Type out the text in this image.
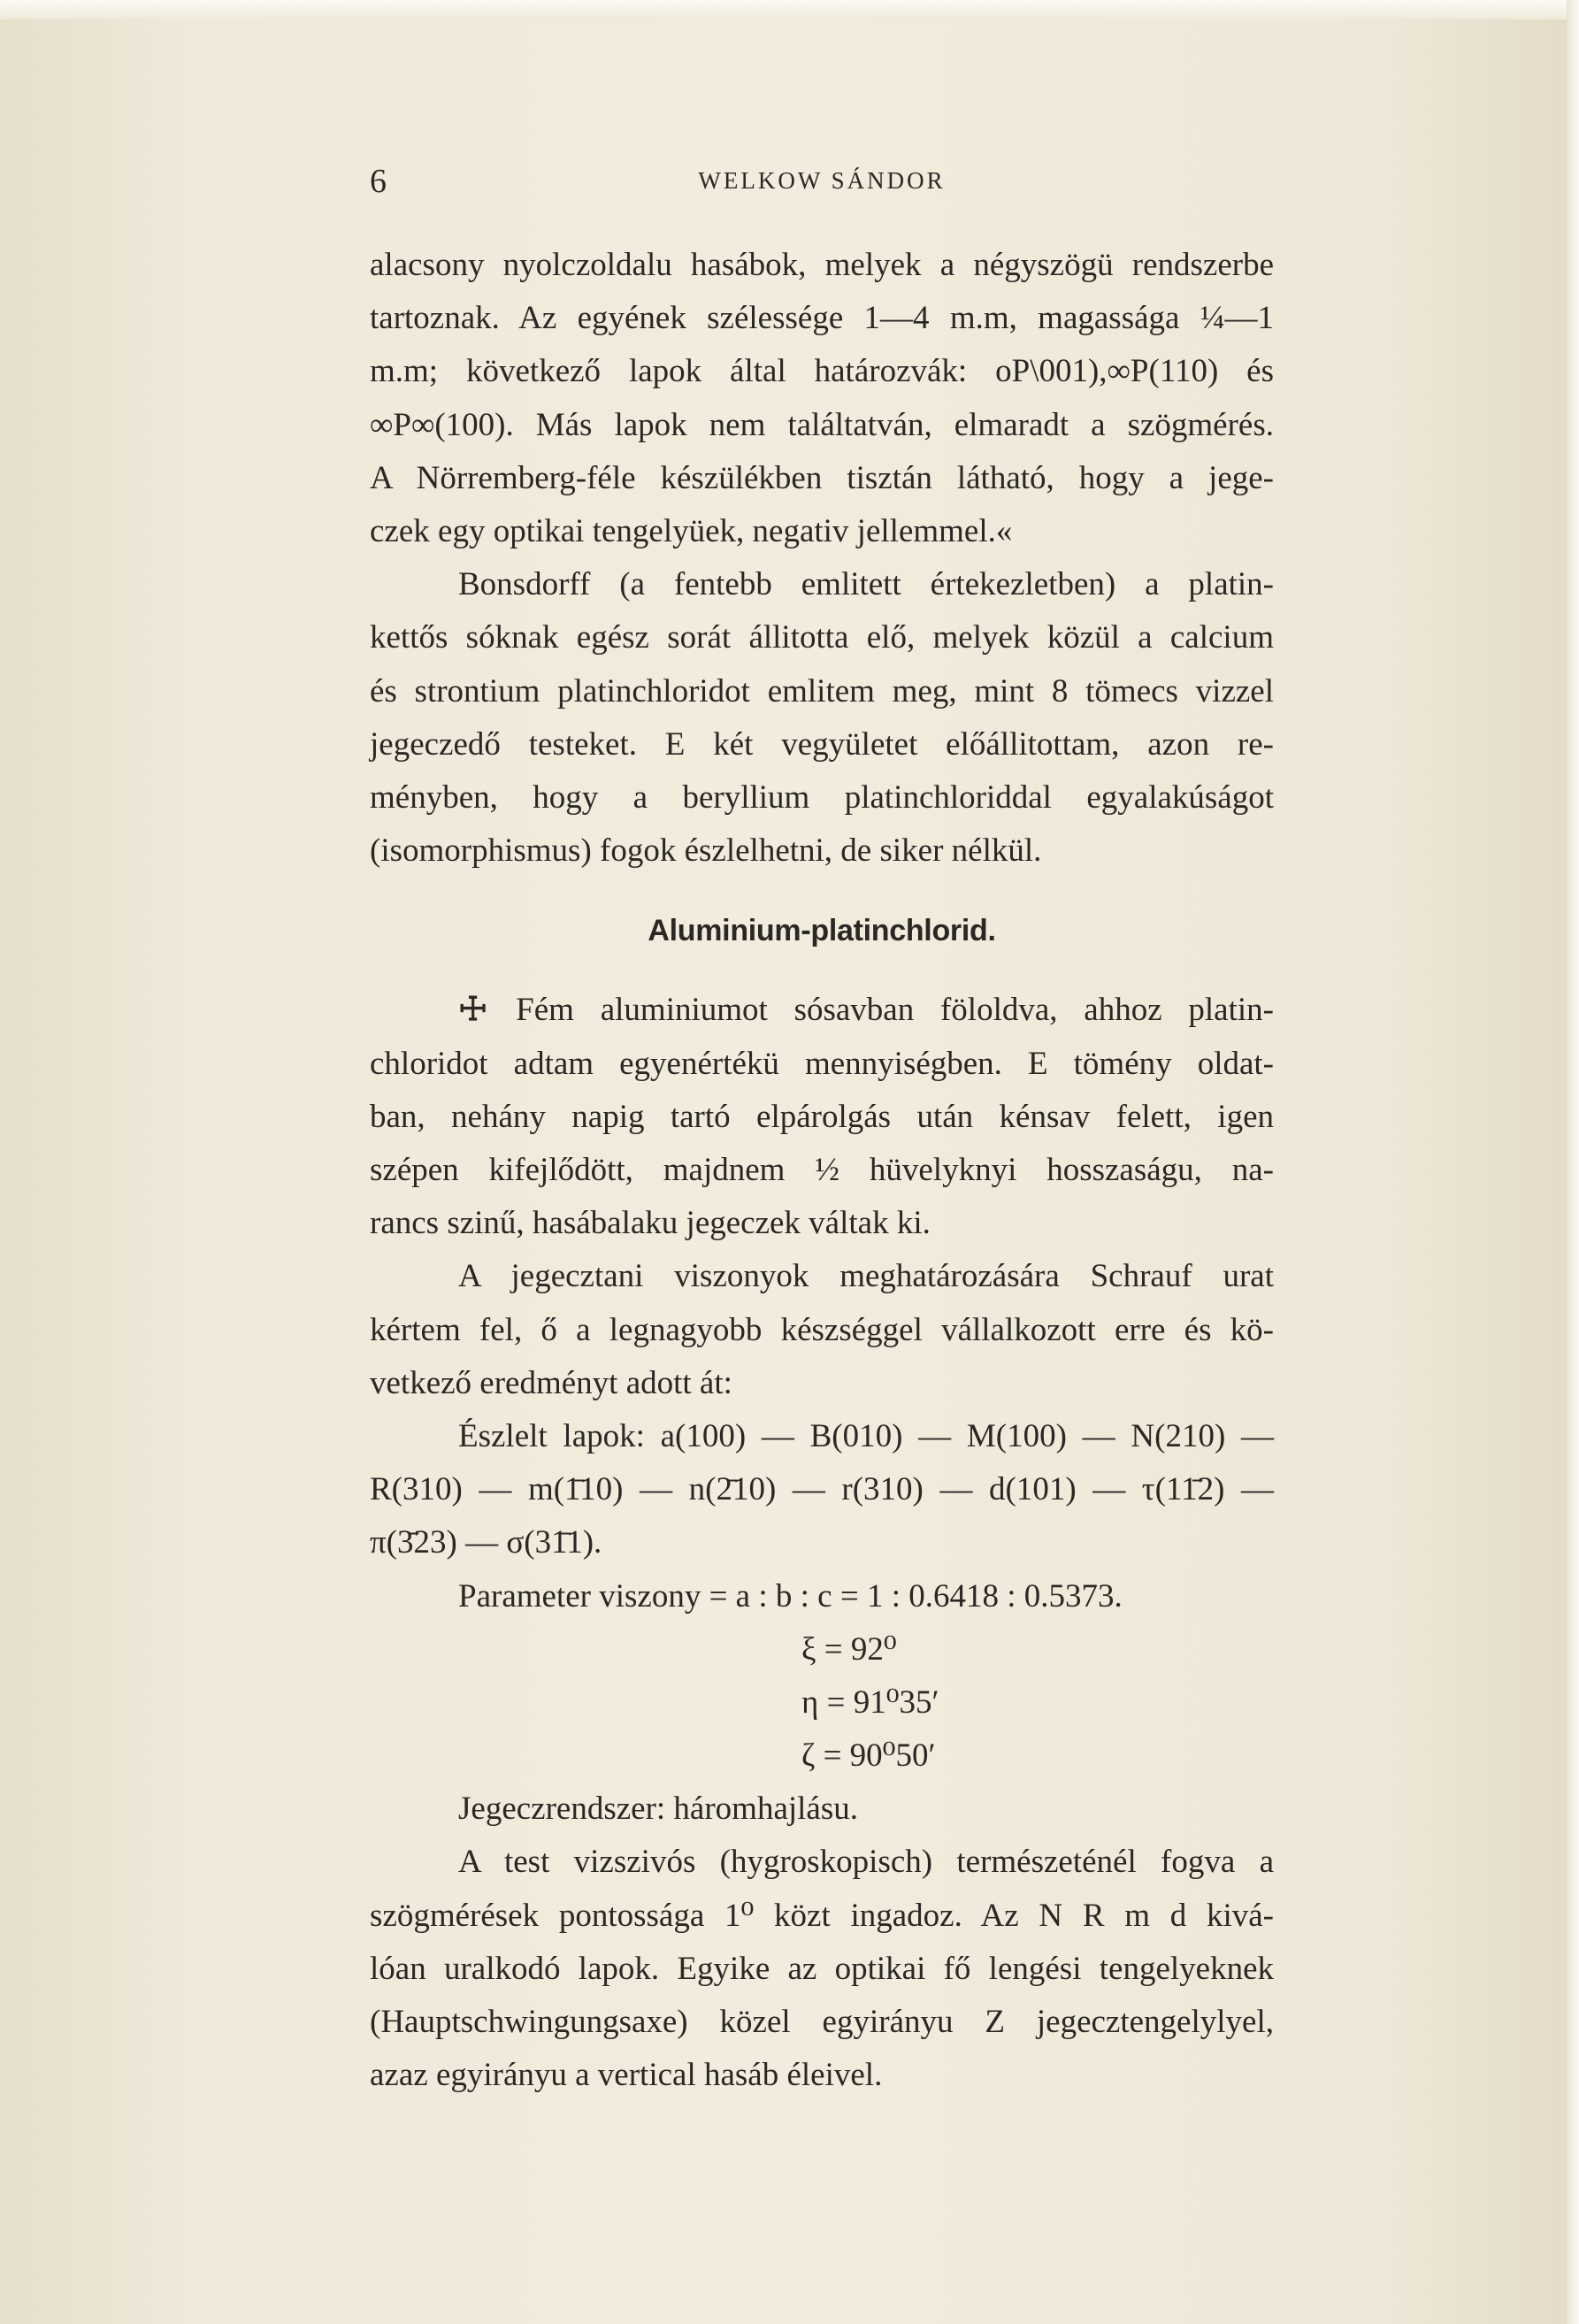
6	WELKOW SÁNDOR
alacsony nyolczoldalu hasábok, melyek a négyszögü rendszerbe
tartoznak. Az egyének szélessége 1—4 m.m, magassága ¼—1
m.m; következő lapok által határozvák: oP\001),∞P(110) és
∞P∞(100). Más lapok nem találtatván, elmaradt a szögmérés.
A Nörremberg-féle készülékben tisztán látható, hogy a jege-
czek egy optikai tengelyüek, negativ jellemmel.«
Bonsdorff (a fentebb emlitett értekezletben) a platin-
kettős sóknak egész sorát állitotta elő, melyek közül a calcium
és strontium platinchloridot emlitem meg, mint 8 tömecs vizzel
jegeczedő testeket. E két vegyületet előállitottam, azon re-
ményben, hogy a beryllium platinchloriddal egyalakúságot
(isomorphismus) fogok észlelhetni, de siker nélkül.
Aluminium-platinchlorid.
☩ Fém aluminiumot sósavban föloldva, ahhoz platin-
chloridot adtam egyenértékü mennyiségben. E tömény oldat-
ban, nehány napig tartó elpárolgás után kénsav felett, igen
szépen kifejlődött, majdnem ½ hüvelyknyi hosszaságu, na-
rancs szinű, hasábalaku jegeczek váltak ki.
A jegecztani viszonyok meghatározására Schrauf urat
kértem fel, ő a legnagyobb készséggel vállalkozott erre és kö-
vetkező eredményt adott át:
Észlelt lapok: a(100) — B(010) — M(100) — N(210) —
R(310) — m(1̄10) — n(2̄10) — r(310) — d(101) — τ(11̄2) —
π(3̄23) — σ(31̄1).
Parameter viszony = a : b : c = 1 : 0.6418 : 0.5373.
ξ = 92⁰
η = 91⁰35′
ζ = 90⁰50′
Jegeczrendszer: háromhajlásu.
A test vizszivós (hygroskopisch) természeténél fogva a
szögmérések pontossága 1⁰ közt ingadoz. Az N R m d kivá-
lóan uralkodó lapok. Egyike az optikai fő lengési tengelyeknek
(Hauptschwingungsaxe) közel egyirányu Z jegecztengelylyel,
azaz egyirányu a vertical hasáb éleivel.
